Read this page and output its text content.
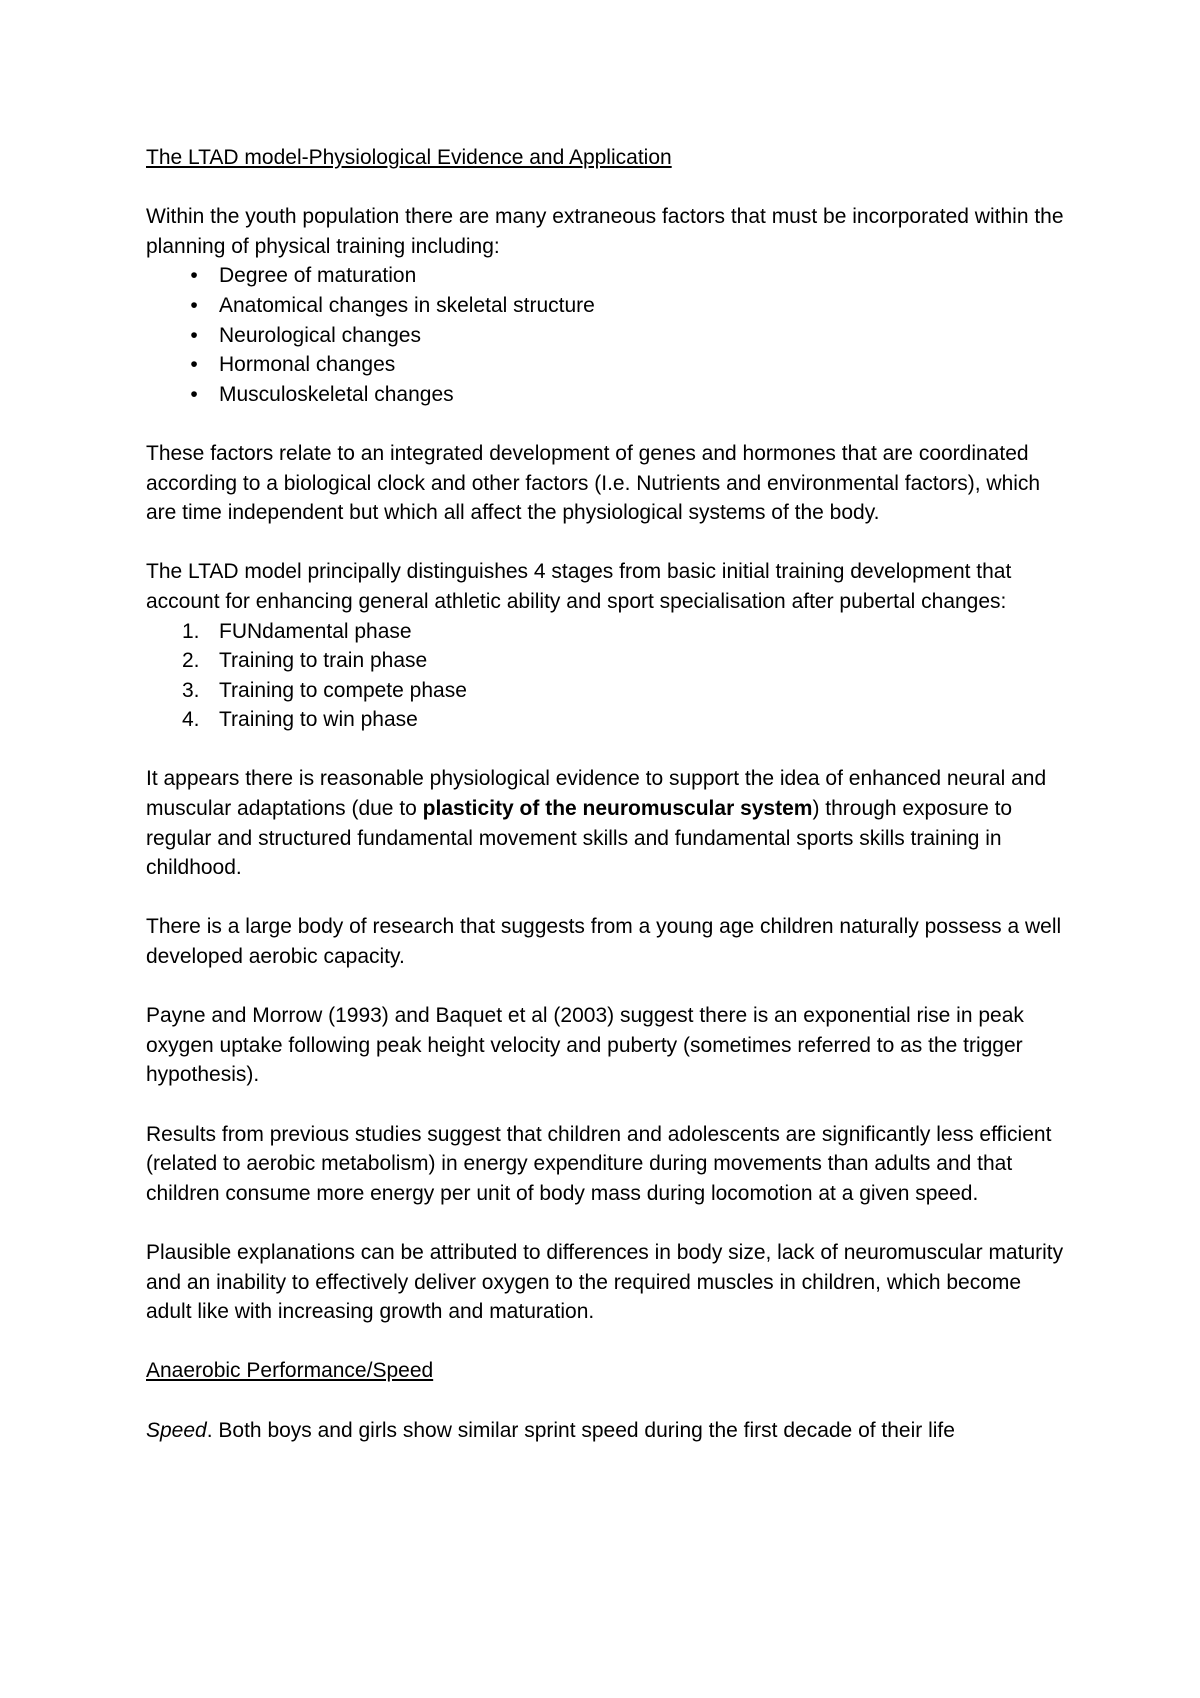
The LTAD model-Physiological Evidence and Application

Within the youth population there are many extraneous factors that must be incorporated within the planning of physical training including:

•	Degree of maturation
•	Anatomical changes in skeletal structure
•	Neurological changes
•	Hormonal changes
•	Musculoskeletal changes

These factors relate to an integrated development of genes and hormones that are coordinated according to a biological clock and other factors (I.e. Nutrients and environmental factors), which are time independent but which all affect the physiological systems of the body.

The LTAD model principally distinguishes 4 stages from basic initial training development that account for enhancing general athletic ability and sport specialisation after pubertal changes:

1. FUNdamental phase
2. Training to train phase
3. Training to compete phase
4. Training to win phase

It appears there is reasonable physiological evidence to support the idea of enhanced neural and muscular adaptations (due to plasticity of the neuromuscular system) through exposure to regular and structured fundamental movement skills and fundamental sports skills training in childhood.

There is a large body of research that suggests from a young age children naturally possess a well developed aerobic capacity.

Payne and Morrow (1993) and Baquet et al (2003) suggest there is an exponential rise in peak oxygen uptake following peak height velocity and puberty (sometimes referred to as the trigger hypothesis).

Results from previous studies suggest that children and adolescents are significantly less efficient (related to aerobic metabolism) in energy expenditure during movements than adults and that children consume more energy per unit of body mass during locomotion at a given speed.

Plausible explanations can be attributed to differences in body size, lack of neuromuscular maturity and an inability to effectively deliver oxygen to the required muscles in children, which become adult like with increasing growth and maturation.

Anaerobic Performance/Speed

Speed. Both boys and girls show similar sprint speed during the first decade of their life
